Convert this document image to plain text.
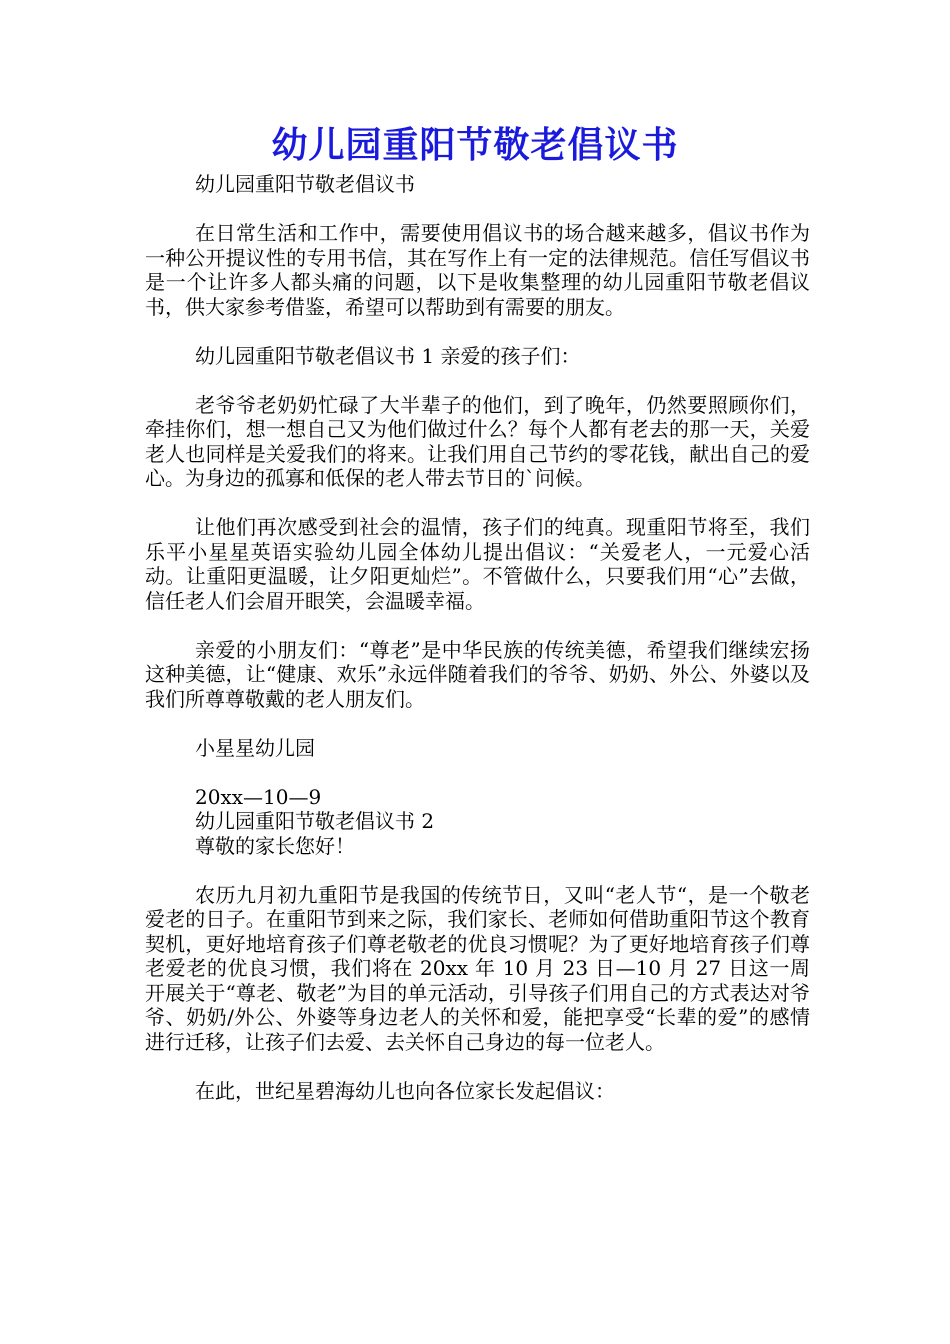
幼儿园重阳节敬老倡议书

幼儿园重阳节敬老倡议书

在日常生活和工作中，需要使用倡议书的场合越来越多，倡议书作为一种公开提议性的专用书信，其在写作上有一定的法律规范。信任写倡议书是一个让许多人都头痛的问题，以下是收集整理的幼儿园重阳节敬老倡议书，供大家参考借鉴，希望可以帮助到有需要的朋友。

幼儿园重阳节敬老倡议书 1 亲爱的孩子们：

老爷爷老奶奶忙碌了大半辈子的他们，到了晚年，仍然要照顾你们，牵挂你们，想一想自己又为他们做过什么？每个人都有老去的那一天，关爱老人也同样是关爱我们的将来。让我们用自己节约的零花钱，献出自己的爱心。为身边的孤寡和低保的老人带去节日的`问候。

让他们再次感受到社会的温情，孩子们的纯真。现重阳节将至，我们乐平小星星英语实验幼儿园全体幼儿提出倡议：“关爱老人，一元爱心活动。让重阳更温暖，让夕阳更灿烂”。不管做什么，只要我们用“心”去做，信任老人们会眉开眼笑，会温暖幸福。

亲爱的小朋友们：“尊老”是中华民族的传统美德，希望我们继续宏扬这种美德，让“健康、欢乐”永远伴随着我们的爷爷、奶奶、外公、外婆以及我们所尊尊敬戴的老人朋友们。

小星星幼儿园

20xx—10—9

幼儿园重阳节敬老倡议书 2

尊敬的家长您好！

农历九月初九重阳节是我国的传统节日，又叫“老人节“，是一个敬老爱老的日子。在重阳节到来之际，我们家长、老师如何借助重阳节这个教育契机，更好地培育孩子们尊老敬老的优良习惯呢？为了更好地培育孩子们尊老爱老的优良习惯，我们将在 20xx 年 10 月 23 日—10 月 27 日这一周开展关于“尊老、敬老”为目的单元活动，引导孩子们用自己的方式表达对爷爷、奶奶/外公、外婆等身边老人的关怀和爱，能把享受“长辈的爱”的感情进行迁移，让孩子们去爱、去关怀自己身边的每一位老人。

在此，世纪星碧海幼儿也向各位家长发起倡议：
